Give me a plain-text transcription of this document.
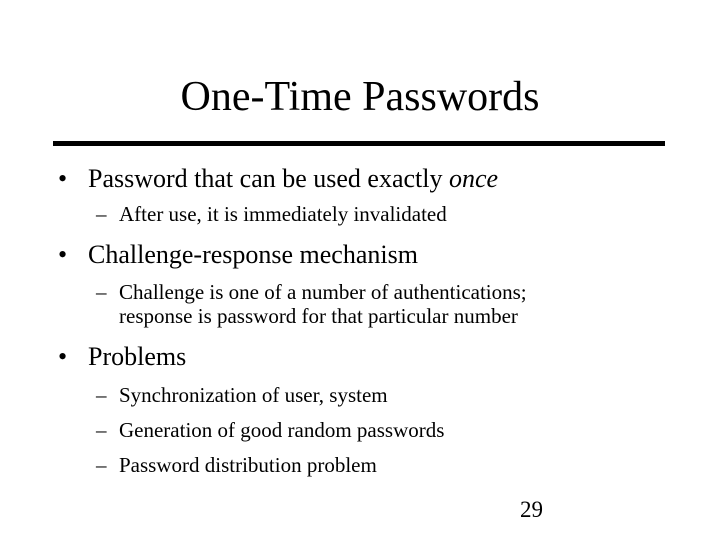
One-Time Passwords
• Password that can be used exactly once
– After use, it is immediately invalidated
• Challenge-response mechanism
– Challenge is one of a number of authentications;
response is password for that particular number
• Problems
– Synchronization of user, system
– Generation of good random passwords
– Password distribution problem
29
